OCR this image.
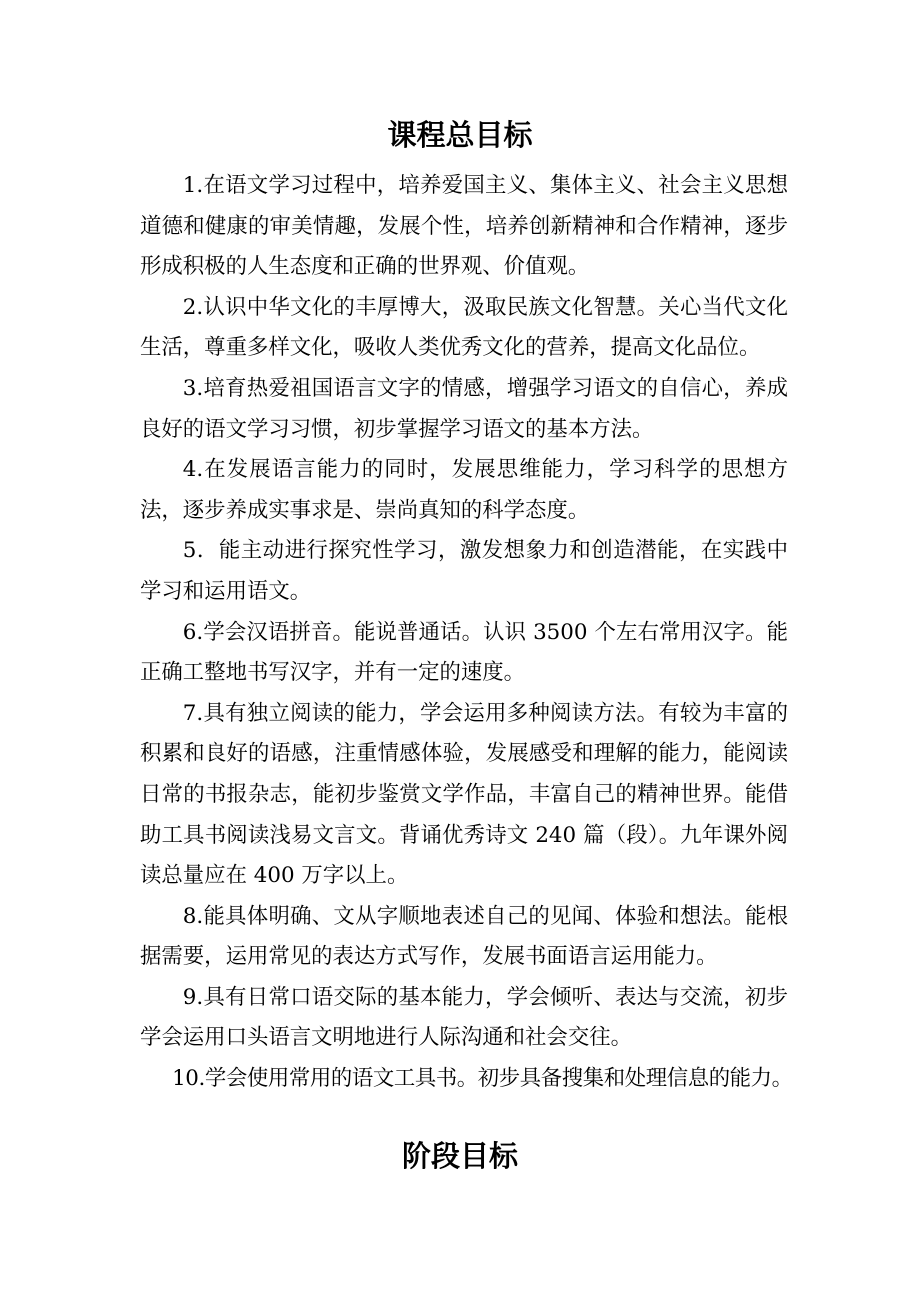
课程总目标

1.在语文学习过程中，培养爱国主义、集体主义、社会主义思想道德和健康的审美情趣，发展个性，培养创新精神和合作精神，逐步形成积极的人生态度和正确的世界观、价值观。

2.认识中华文化的丰厚博大，汲取民族文化智慧。关心当代文化生活，尊重多样文化，吸收人类优秀文化的营养，提高文化品位。

3.培育热爱祖国语言文字的情感，增强学习语文的自信心，养成良好的语文学习习惯，初步掌握学习语文的基本方法。

4.在发展语言能力的同时，发展思维能力，学习科学的思想方法，逐步养成实事求是、崇尚真知的科学态度。

5．能主动进行探究性学习，激发想象力和创造潜能，在实践中学习和运用语文。

6.学会汉语拼音。能说普通话。认识 3500 个左右常用汉字。能正确工整地书写汉字，并有一定的速度。

7.具有独立阅读的能力，学会运用多种阅读方法。有较为丰富的积累和良好的语感，注重情感体验，发展感受和理解的能力，能阅读日常的书报杂志，能初步鉴赏文学作品，丰富自己的精神世界。能借助工具书阅读浅易文言文。背诵优秀诗文 240 篇（段）。九年课外阅读总量应在 400 万字以上。

8.能具体明确、文从字顺地表述自己的见闻、体验和想法。能根据需要，运用常见的表达方式写作，发展书面语言运用能力。

9.具有日常口语交际的基本能力，学会倾听、表达与交流，初步学会运用口头语言文明地进行人际沟通和社会交往。

10.学会使用常用的语文工具书。初步具备搜集和处理信息的能力。

阶段目标
